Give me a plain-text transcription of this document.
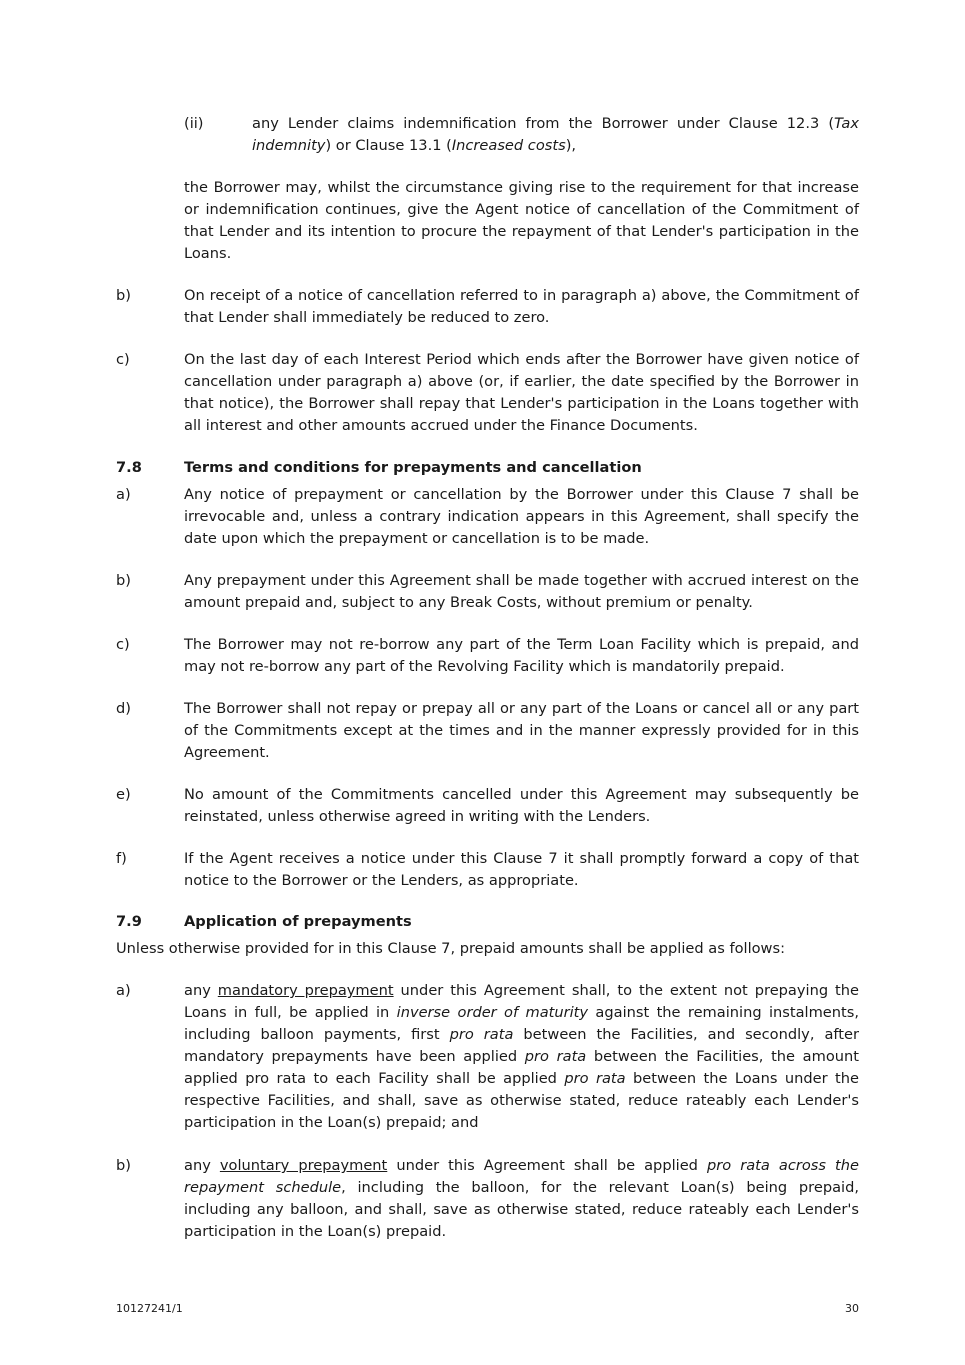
(ii)	any Lender claims indemnification from the Borrower under Clause 12.3 (Tax indemnity) or Clause 13.1 (Increased costs),

the Borrower may, whilst the circumstance giving rise to the requirement for that increase or indemnification continues, give the Agent notice of cancellation of the Commitment of that Lender and its intention to procure the repayment of that Lender's participation in the Loans.

b)	On receipt of a notice of cancellation referred to in paragraph a) above, the Commitment of that Lender shall immediately be reduced to zero.

c)	On the last day of each Interest Period which ends after the Borrower have given notice of cancellation under paragraph a) above (or, if earlier, the date specified by the Borrower in that notice), the Borrower shall repay that Lender's participation in the Loans together with all interest and other amounts accrued under the Finance Documents.

7.8	Terms and conditions for prepayments and cancellation
a)	Any notice of prepayment or cancellation by the Borrower under this Clause 7 shall be irrevocable and, unless a contrary indication appears in this Agreement, shall specify the date upon which the prepayment or cancellation is to be made.

b)	Any prepayment under this Agreement shall be made together with accrued interest on the amount prepaid and, subject to any Break Costs, without premium or penalty.

c)	The Borrower may not re-borrow any part of the Term Loan Facility which is prepaid, and may not re-borrow any part of the Revolving Facility which is mandatorily prepaid.

d)	The Borrower shall not repay or prepay all or any part of the Loans or cancel all or any part of the Commitments except at the times and in the manner expressly provided for in this Agreement.

e)	No amount of the Commitments cancelled under this Agreement may subsequently be reinstated, unless otherwise agreed in writing with the Lenders.

f)	If the Agent receives a notice under this Clause 7 it shall promptly forward a copy of that notice to the Borrower or the Lenders, as appropriate.

7.9	Application of prepayments

Unless otherwise provided for in this Clause 7, prepaid amounts shall be applied as follows:

a)	any mandatory prepayment under this Agreement shall, to the extent not prepaying the Loans in full, be applied in inverse order of maturity against the remaining instalments, including balloon payments, first pro rata between the Facilities, and secondly, after mandatory prepayments have been applied pro rata between the Facilities, the amount applied pro rata to each Facility shall be applied pro rata between the Loans under the respective Facilities, and shall, save as otherwise stated, reduce rateably each Lender's participation in the Loan(s) prepaid; and

b)	any voluntary prepayment under this Agreement shall be applied pro rata across the repayment schedule, including the balloon, for the relevant Loan(s) being prepaid, including any balloon, and shall, save as otherwise stated, reduce rateably each Lender's participation in the Loan(s) prepaid.

10127241/1	30
